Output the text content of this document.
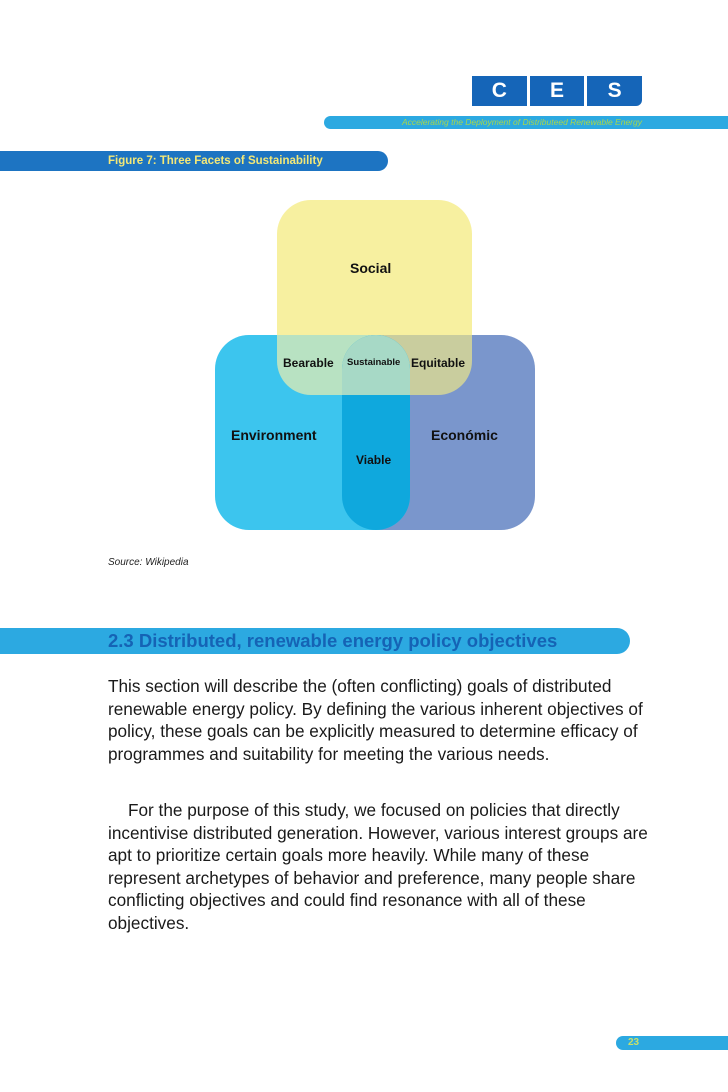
C	E	S
Accelerating the Deployment of Distributeed Renewable Energy
Figure 7: Three Facets of Sustainability
Social
Bearable Sustainable Equitable
Environment	Económic
Viable
Source: Wikipedia
2.3 Distributed, renewable energy policy objectives

This section will describe the (often conflicting) goals of distributed renewable energy policy. By defining the various inherent objectives of policy, these goals can be explicitly measured to determine efficacy of programmes and suitability for meeting the various needs.

For the purpose of this study, we focused on policies that directly incentivise distributed generation. However, various interest groups are apt to prioritize certain goals more heavily. While many of these represent archetypes of behavior and preference, many people share conflicting objectives and could find resonance with all of these objectives.

23
